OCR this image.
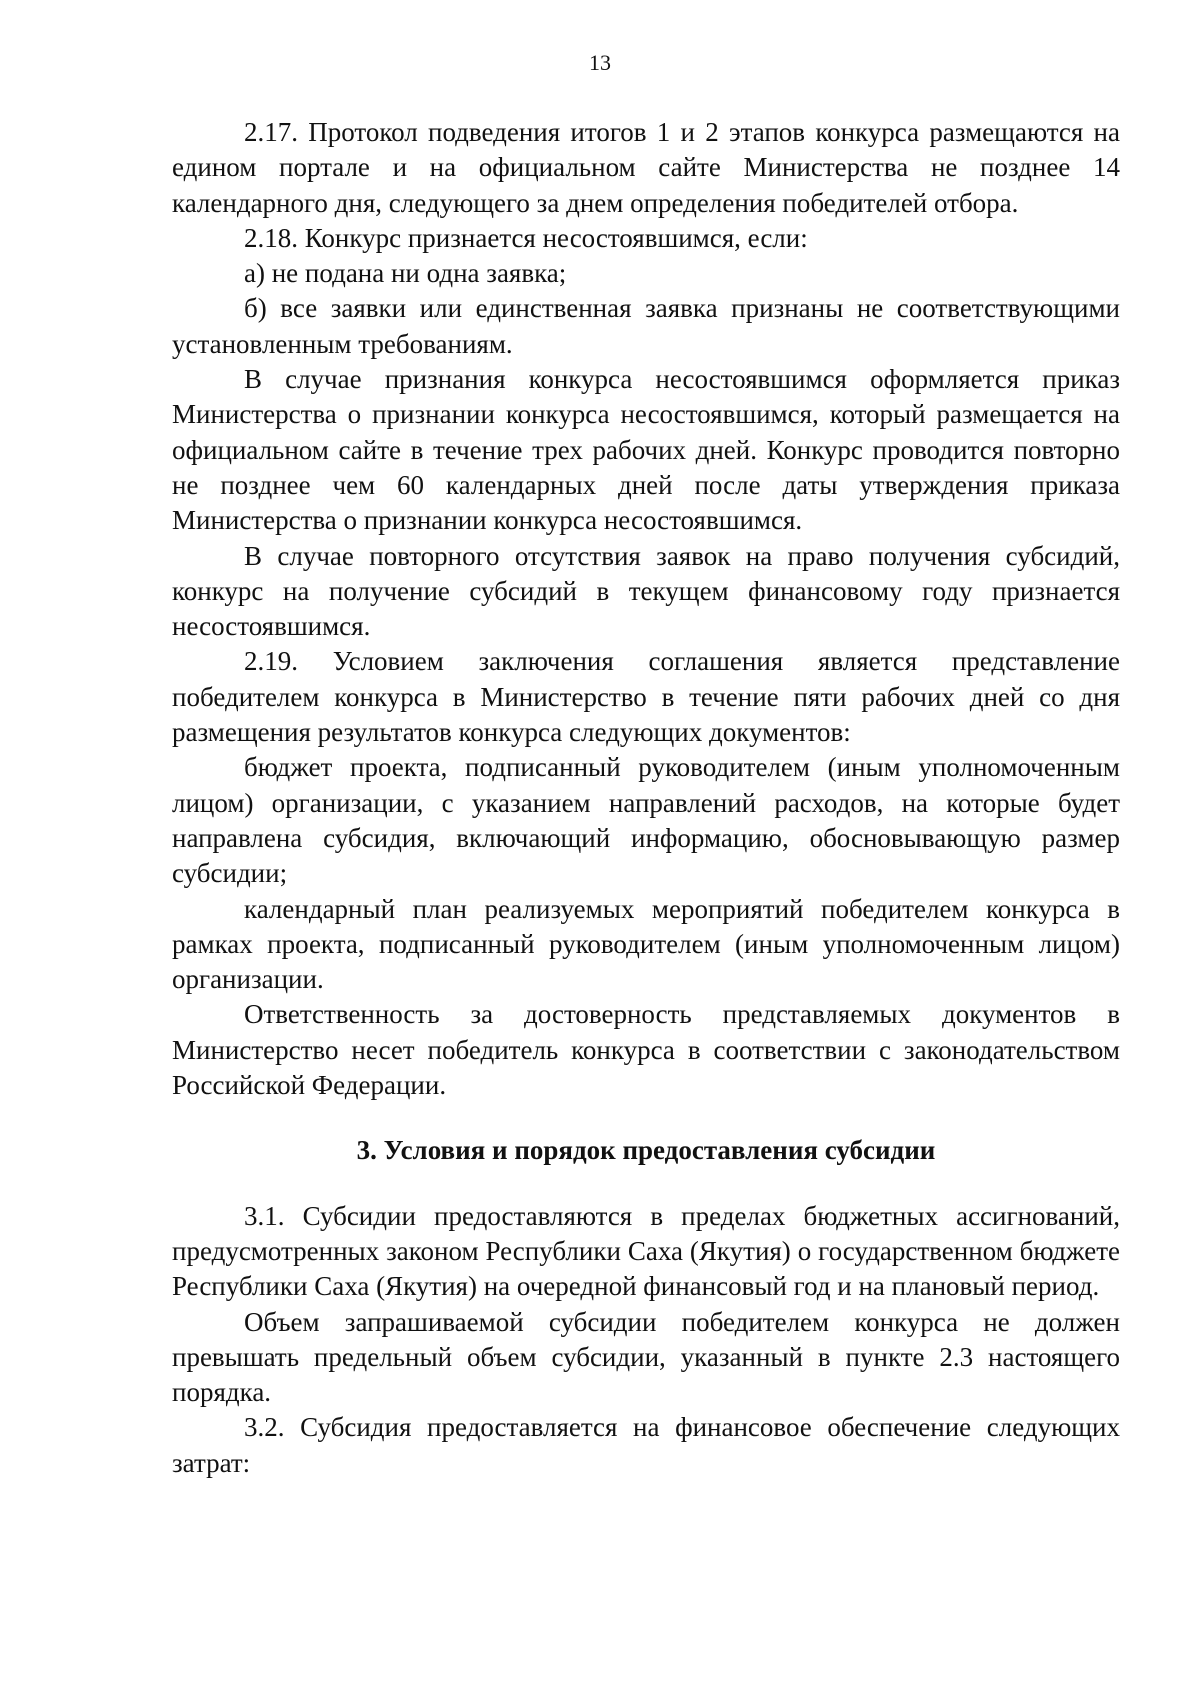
13

2.17. Протокол подведения итогов 1 и 2 этапов конкурса размещаются на едином портале и на официальном сайте Министерства не позднее 14 календарного дня, следующего за днем определения победителей отбора.

2.18. Конкурс признается несостоявшимся, если:

а) не подана ни одна заявка;

б) все заявки или единственная заявка признаны не соответствующими установленным требованиям.

В случае признания конкурса несостоявшимся оформляется приказ Министерства о признании конкурса несостоявшимся, который размещается на официальном сайте в течение трех рабочих дней. Конкурс проводится повторно не позднее чем 60 календарных дней после даты утверждения приказа Министерства о признании конкурса несостоявшимся.

В случае повторного отсутствия заявок на право получения субсидий, конкурс на получение субсидий в текущем финансовому году признается несостоявшимся.

2.19. Условием заключения соглашения является представление победителем конкурса в Министерство в течение пяти рабочих дней со дня размещения результатов конкурса следующих документов:

бюджет проекта, подписанный руководителем (иным уполномоченным лицом) организации, с указанием направлений расходов, на которые будет направлена субсидия, включающий информацию, обосновывающую размер субсидии;

календарный план реализуемых мероприятий победителем конкурса в рамках проекта, подписанный руководителем (иным уполномоченным лицом) организации.

Ответственность за достоверность представляемых документов в Министерство несет победитель конкурса в соответствии с законодательством Российской Федерации.

3. Условия и порядок предоставления субсидии

3.1. Субсидии предоставляются в пределах бюджетных ассигнований, предусмотренных законом Республики Саха (Якутия) о государственном бюджете Республики Саха (Якутия) на очередной финансовый год и на плановый период.

Объем запрашиваемой субсидии победителем конкурса не должен превышать предельный объем субсидии, указанный в пункте 2.3 настоящего порядка.

3.2. Субсидия предоставляется на финансовое обеспечение следующих затрат:
